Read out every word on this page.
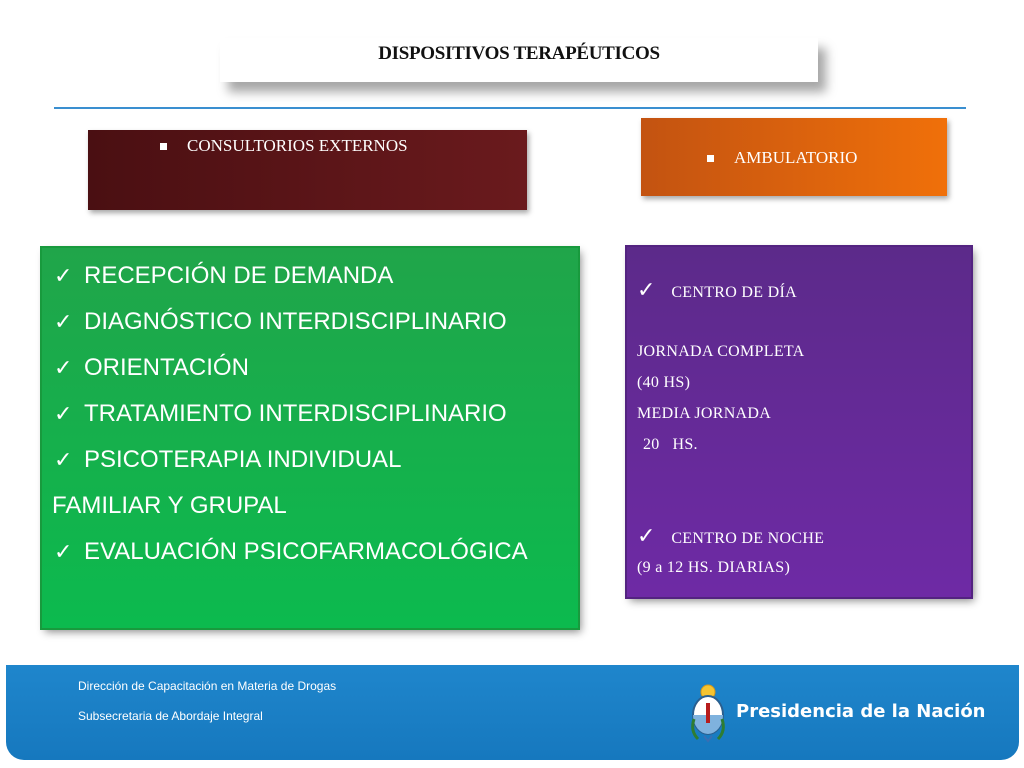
DISPOSITIVOS TERAPÉUTICOS
CONSULTORIOS EXTERNOS
AMBULATORIO
✓ RECEPCIÓN DE DEMANDA
✓ DIAGNÓSTICO INTERDISCIPLINARIO
✓ ORIENTACIÓN
✓ TRATAMIENTO INTERDISCIPLINARIO
✓ PSICOTERAPIA INDIVIDUAL
FAMILIAR Y GRUPAL
✓ EVALUACIÓN PSICOFARMACOLÓGICA
✓ CENTRO DE DÍA
JORNADA COMPLETA
(40 HS)
MEDIA JORNADA
20   HS.
✓ CENTRO DE NOCHE
(9 a 12 HS. DIARIAS)
Dirección de Capacitación en Materia de Drogas
Subsecretaria de Abordaje Integral	Presidencia de la Nación
